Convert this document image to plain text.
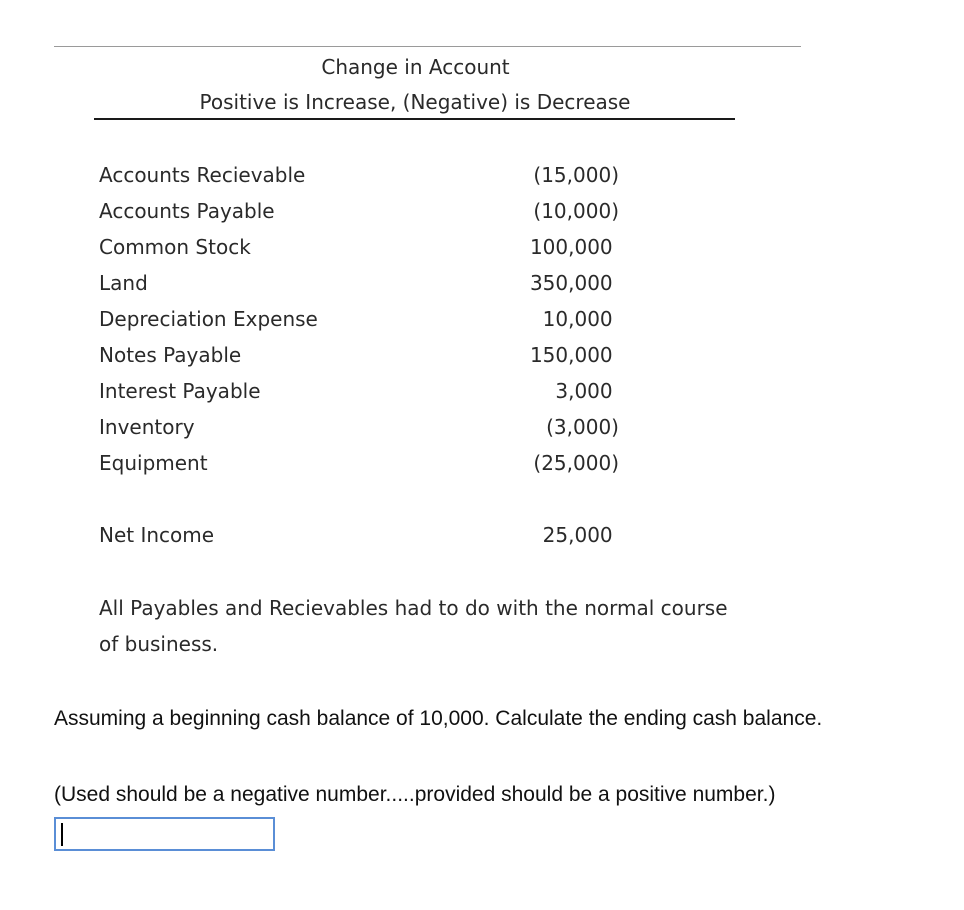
Change in Account
Positive is Increase, (Negative) is Decrease
Accounts Recievable	(15,000)
Accounts Payable	(10,000)
Common Stock	100,000
Land	350,000
Depreciation Expense	10,000
Notes Payable	150,000
Interest Payable	3,000
Inventory	(3,000)
Equipment	(25,000)
Net Income	25,000
All Payables and Recievables had to do with the normal course of business.
Assuming a beginning cash balance of 10,000. Calculate the ending cash balance.
(Used should be a negative number.....provided should be a positive number.)
